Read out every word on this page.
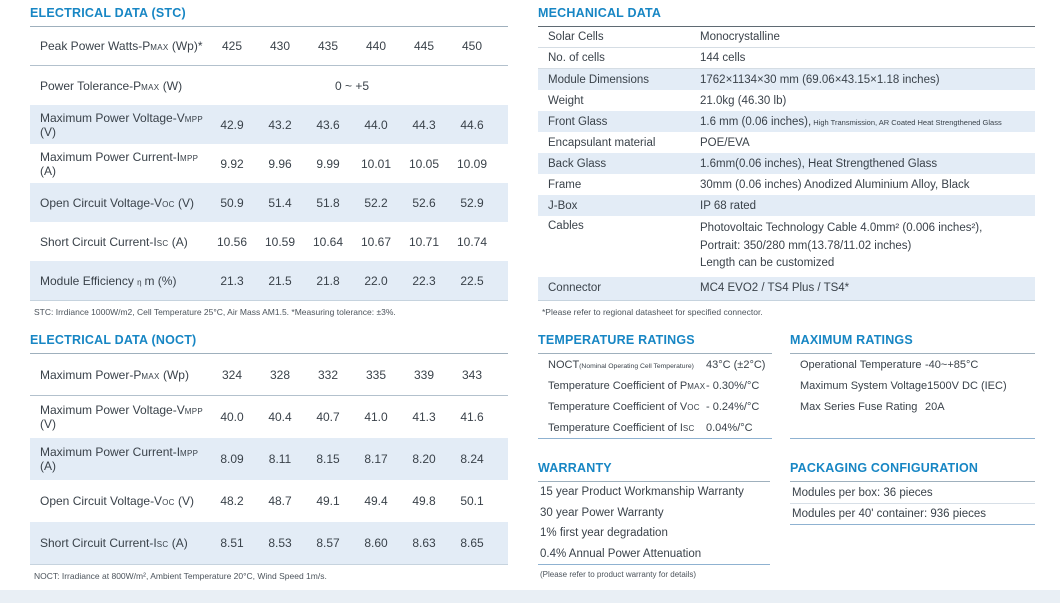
ELECTRICAL DATA (STC)
Peak Power Watts-PMAX (Wp)*	425	430	435	440	445	450
Power Tolerance-PMAX (W)	0 ~ +5
Maximum Power Voltage-VMPP (V)	42.9	43.2	43.6	44.0	44.3	44.6
Maximum Power Current-IMPP (A)	9.92	9.96	9.99	10.01	10.05	10.09
Open Circuit Voltage-VOC (V)	50.9	51.4	51.8	52.2	52.6	52.9
Short Circuit Current-ISC (A)	10.56	10.59	10.64	10.67	10.71	10.74
Module Efficiency η m (%)	21.3	21.5	21.8	22.0	22.3	22.5
STC: Irrdiance 1000W/m2, Cell Temperature 25°C, Air Mass AM1.5. *Measuring tolerance: ±3%.
ELECTRICAL DATA (NOCT)
Maximum Power-PMAX (Wp)	324	328	332	335	339	343
Maximum Power Voltage-VMPP (V)	40.0	40.4	40.7	41.0	41.3	41.6
Maximum Power Current-IMPP (A)	8.09	8.11	8.15	8.17	8.20	8.24
Open Circuit Voltage-VOC (V)	48.2	48.7	49.1	49.4	49.8	50.1
Short Circuit Current-ISC (A)	8.51	8.53	8.57	8.60	8.63	8.65
NOCT: Irradiance at 800W/m², Ambient Temperature 20°C, Wind Speed 1m/s.
MECHANICAL DATA
Solar Cells	Monocrystalline
No. of cells	144 cells
Module Dimensions	1762×1134×30 mm (69.06×43.15×1.18 inches)
Weight	21.0kg (46.30 lb)
Front Glass	1.6 mm (0.06 inches), High Transmission, AR Coated Heat Strengthened Glass
Encapsulant material	POE/EVA
Back Glass	1.6mm(0.06 inches), Heat Strengthened Glass
Frame	30mm (0.06 inches) Anodized Aluminium Alloy, Black
J-Box	IP 68 rated
Cables	Photovoltaic Technology Cable 4.0mm² (0.006 inches²),
Portrait: 350/280 mm(13.78/11.02 inches)
Length can be customized
Connector	MC4 EVO2 / TS4 Plus / TS4*
*Please refer to regional datasheet for specified connector.
TEMPERATURE RATINGS
NOCT(Nominal Operating Cell Temperature)	43°C (±2°C)
Temperature Coefficient of PMAX - 0.30%/°C
Temperature Coefficient of VOC - 0.24%/°C
Temperature Coefficient of ISC	0.04%/°C
MAXIMUM RATINGS
Operational Temperature -40~+85°C
Maximum System Voltage 1500V DC (IEC)
Max Series Fuse Rating 20A
WARRANTY
15 year Product Workmanship Warranty
30 year Power Warranty
1% first year degradation
0.4% Annual Power Attenuation
(Please refer to product warranty for details)
PACKAGING CONFIGURATION
Modules per box: 36 pieces
Modules per 40' container: 936 pieces
